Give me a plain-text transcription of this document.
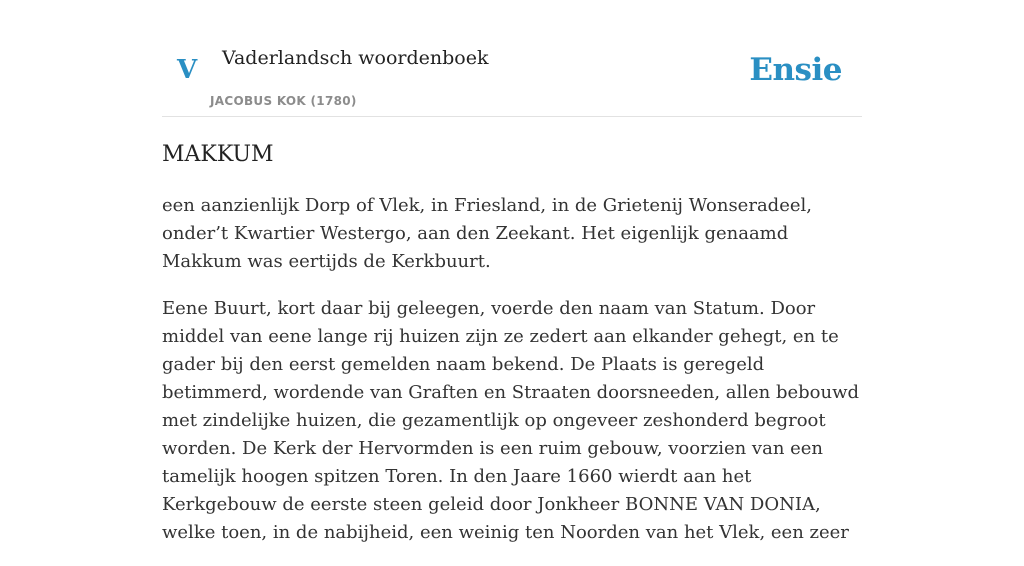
V Vaderlandsch woordenboek
JACOBUS KOK (1780)
Ensie
MAKKUM

een aanzienlijk Dorp of Vlek, in Friesland, in de Grietenij Wonseradeel, onder’t Kwartier Westergo, aan den Zeekant. Het eigenlijk genaamd Makkum was eertijds de Kerkbuurt.

Eene Buurt, kort daar bij geleegen, voerde den naam van Statum. Door middel van eene lange rij huizen zijn ze zedert aan elkander gehegt, en te gader bij den eerst gemelden naam bekend. De Plaats is geregeld betimmerd, wordende van Graften en Straaten doorsneeden, allen bebouwd met zindelijke huizen, die gezamentlijk op ongeveer zeshonderd begroot worden. De Kerk der Hervormden is een ruim gebouw, voorzien van een tamelijk hoogen spitzen Toren. In den Jaare 1660 wierdt aan het Kerkgebouw de eerste steen geleid door Jonkheer BONNE VAN DONIA, welke toen, in de nabijheid, een weinig ten Noorden van het Vlek, een zeer
